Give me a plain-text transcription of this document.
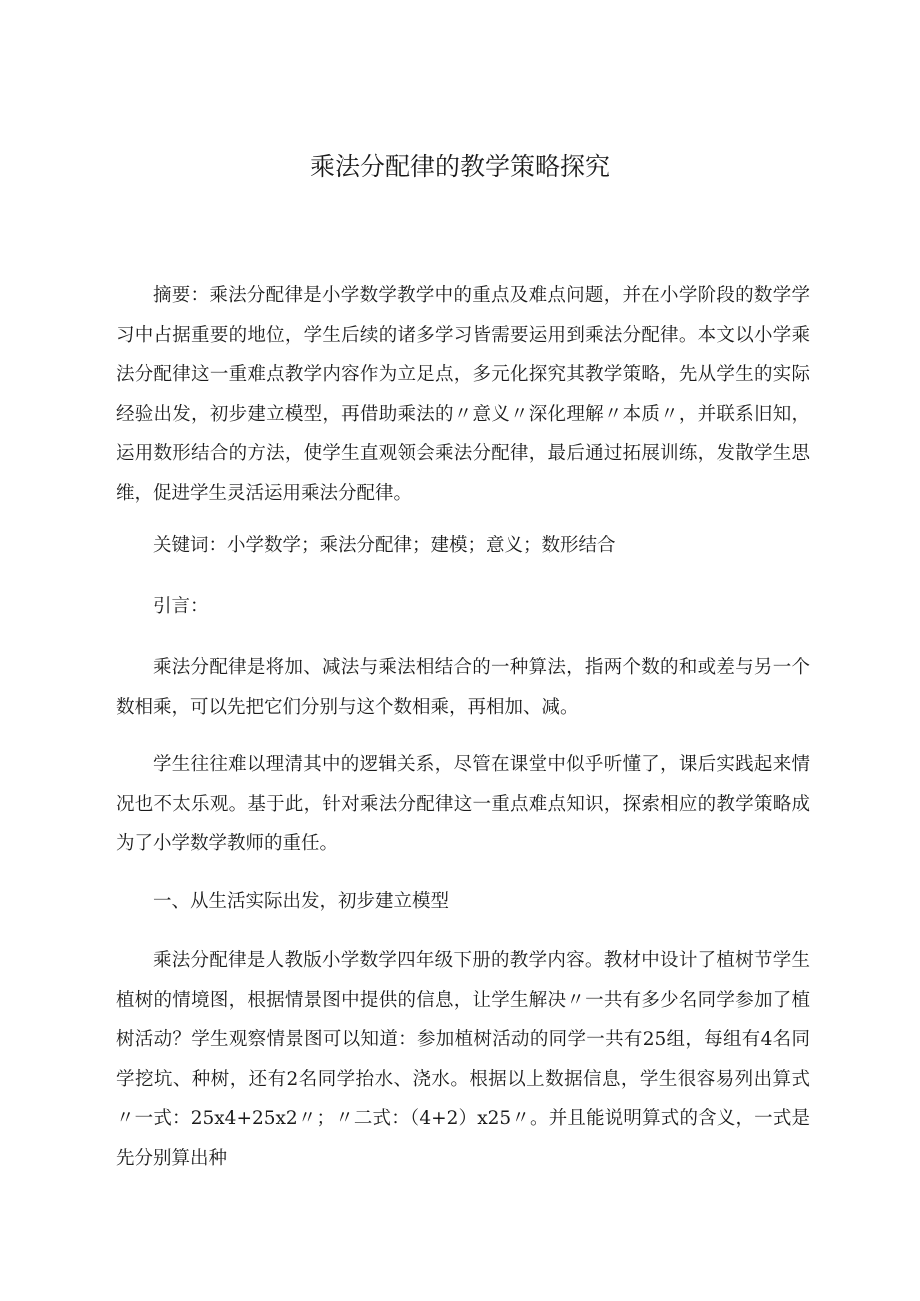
乘法分配律的教学策略探究

摘要：乘法分配律是小学数学教学中的重点及难点问题，并在小学阶段的数学学习中占据重要的地位，学生后续的诸多学习皆需要运用到乘法分配律。本文以小学乘法分配律这一重难点教学内容作为立足点，多元化探究其教学策略，先从学生的实际经验出发，初步建立模型，再借助乘法的〃意义〃深化理解〃本质〃，并联系旧知，运用数形结合的方法，使学生直观领会乘法分配律，最后通过拓展训练，发散学生思维，促进学生灵活运用乘法分配律。

关键词：小学数学；乘法分配律；建模；意义；数形结合

引言：

乘法分配律是将加、减法与乘法相结合的一种算法，指两个数的和或差与另一个数相乘，可以先把它们分别与这个数相乘，再相加、减。

学生往往难以理清其中的逻辑关系，尽管在课堂中似乎听懂了，课后实践起来情况也不太乐观。基于此，针对乘法分配律这一重点难点知识，探索相应的教学策略成为了小学数学教师的重任。

一、从生活实际出发，初步建立模型

乘法分配律是人教版小学数学四年级下册的教学内容。教材中设计了植树节学生植树的情境图，根据情景图中提供的信息，让学生解决〃一共有多少名同学参加了植树活动？学生观察情景图可以知道：参加植树活动的同学一共有25组，每组有4名同学挖坑、种树，还有2名同学抬水、浇水。根据以上数据信息，学生很容易列出算式〃一式：25x4+25x2〃；〃二式：（4+2）x25〃。并且能说明算式的含义，一式是先分别算出种
